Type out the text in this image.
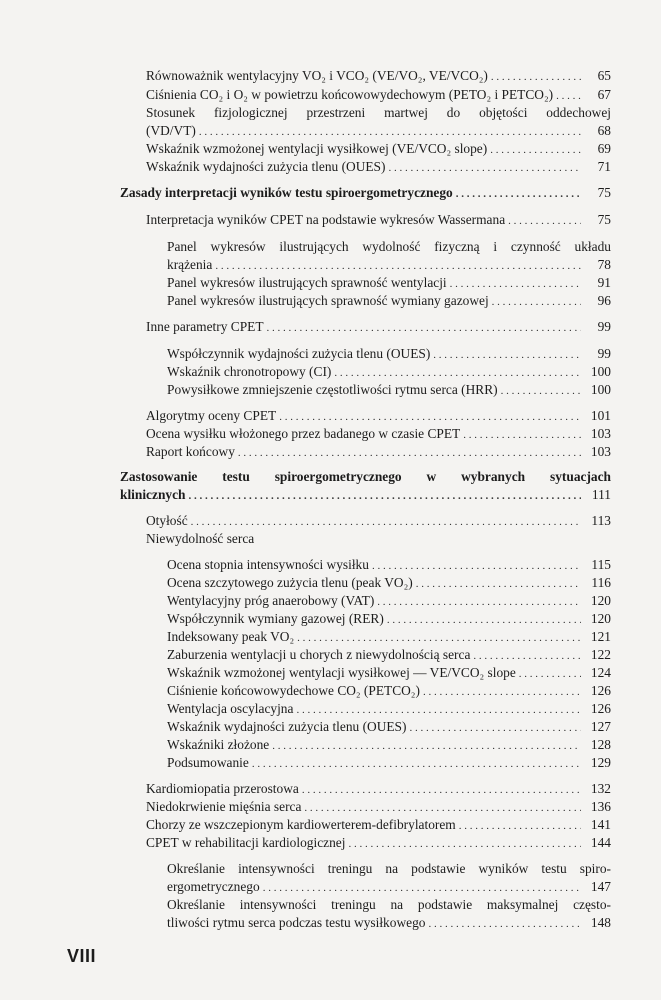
Równoważnik wentylacyjny VO₂ i VCO₂ (VE/VO₂, VE/VCO₂) . . .	65
Ciśnienia CO₂ i O₂ w powietrzu końcowowydechowym (PETO₂ i PETCO₂) . . .	67
Stosunek fizjologicznej przestrzeni martwej do objętości oddechowej
(VD/VT) . . .	68
Wskaźnik wzmożonej wentylacji wysiłkowej (VE/VCO₂ slope) . . .	69
Wskaźnik wydajności zużycia tlenu (OUES) . . .	71
Zasady interpretacji wyników testu spiroergometrycznego . . .	75
Interpretacja wyników CPET na podstawie wykresów Wassermana . . .	75
Panel wykresów ilustrujących wydolność fizyczną i czynność układu
krążenia . . .	78
Panel wykresów ilustrujących sprawność wentylacji . . .	91
Panel wykresów ilustrujących sprawność wymiany gazowej . . .	96
Inne parametry CPET . . .	99
Współczynnik wydajności zużycia tlenu (OUES) . . .	99
Wskaźnik chronotropowy (CI) . . .	100
Powysiłkowe zmniejszenie częstotliwości rytmu serca (HRR) . . .	100
Algorytmy oceny CPET . . .	101
Ocena wysiłku włożonego przez badanego w czasie CPET . . .	103
Raport końcowy . . .	103
Zastosowanie testu spiroergometrycznego w wybranych sytuacjach
klinicznych . . .	111
Otyłość . . .	113
Niewydolność serca
Ocena stopnia intensywności wysiłku . . .	115
Ocena szczytowego zużycia tlenu (peak VO₂) . . .	116
Wentylacyjny próg anaerobowy (VAT) . . .	120
Współczynnik wymiany gazowej (RER) . . .	120
Indeksowany peak VO₂ . . .	121
Zaburzenia wentylacji u chorych z niewydolnością serca . . .	122
Wskaźnik wzmożonej wentylacji wysiłkowej — VE/VCO₂ slope . . .	124
Ciśnienie końcowowydechowe CO₂ (PETCO₂) . . .	126
Wentylacja oscylacyjna . . .	126
Wskaźnik wydajności zużycia tlenu (OUES) . . .	127
Wskaźniki złożone . . .	128
Podsumowanie . . .	129
Kardiomiopatia przerostowa . . .	132
Niedokrwienie mięśnia serca . . .	136
Chorzy ze wszczepionym kardiowerterem-defibrylatorem . . .	141
CPET w rehabilitacji kardiologicznej . . .	144
Określanie intensywności treningu na podstawie wyników testu spiro-
ergometrycznego . . .	147
Określanie intensywności treningu na podstawie maksymalnej często-
tliwości rytmu serca podczas testu wysiłkowego . . .	148
VIII
